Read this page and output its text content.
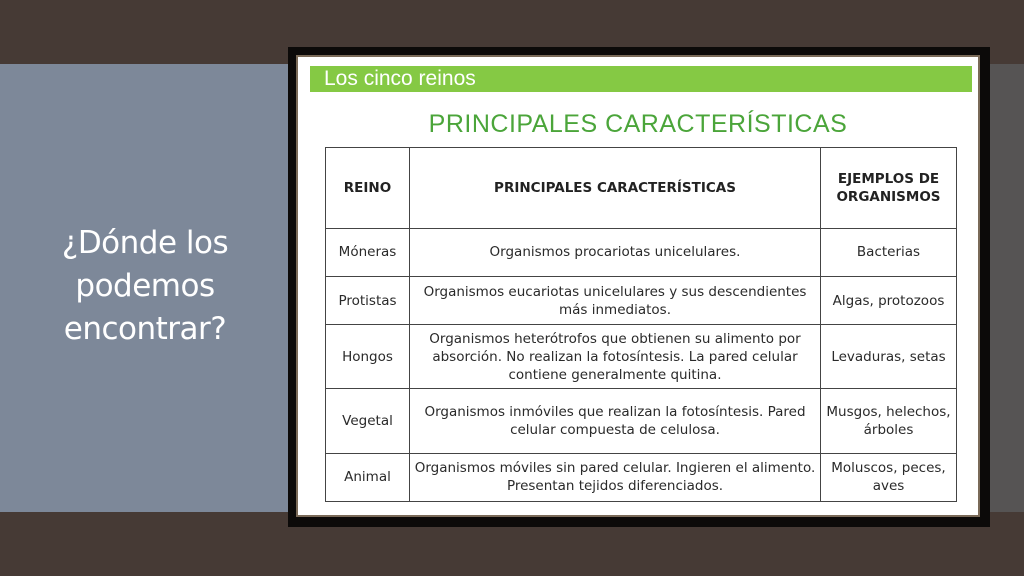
¿Dónde los podemos encontrar?
Los cinco reinos
PRINCIPALES CARACTERÍSTICAS
REINO	PRINCIPALES CARACTERÍSTICAS	EJEMPLOS DE ORGANISMOS
Móneras	Organismos procariotas unicelulares.	Bacterias
Protistas	Organismos eucariotas unicelulares y sus descendientes más inmediatos.	Algas, protozoos
Hongos	Organismos heterótrofos que obtienen su alimento por absorción. No realizan la fotosíntesis. La pared celular contiene generalmente quitina.	Levaduras, setas
Vegetal	Organismos inmóviles que realizan la fotosíntesis. Pared celular compuesta de celulosa.	Musgos, helechos, árboles
Animal	Organismos móviles sin pared celular. Ingieren el alimento. Presentan tejidos diferenciados.	Moluscos, peces, aves
